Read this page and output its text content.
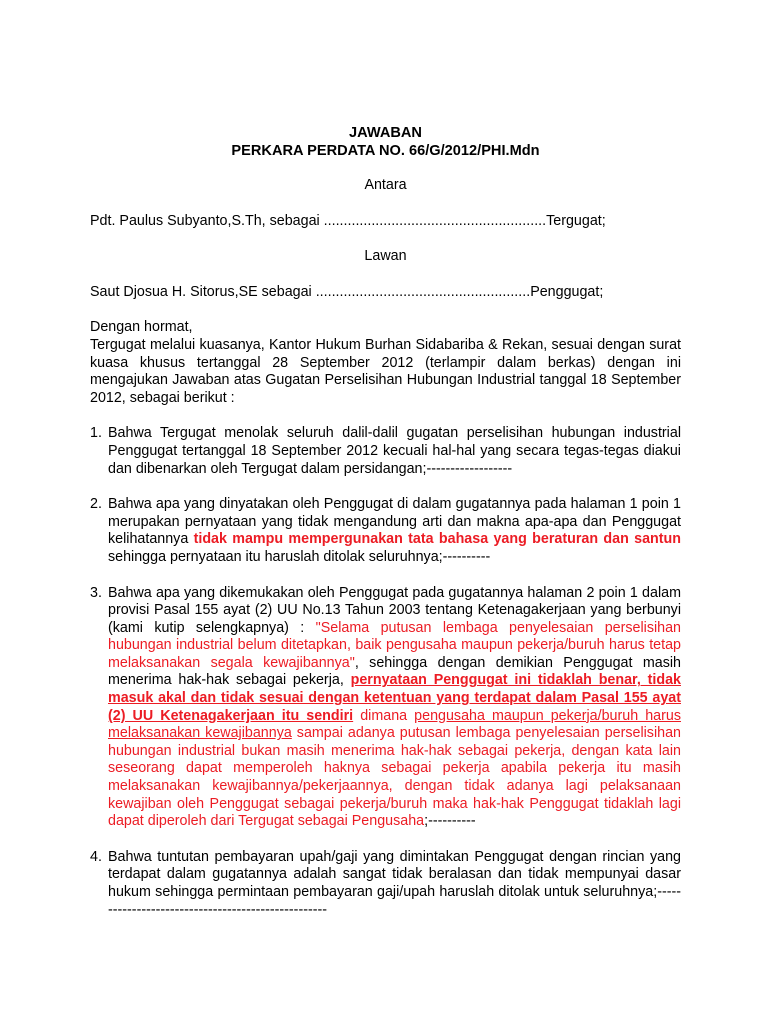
JAWABAN
PERKARA PERDATA NO. 66/G/2012/PHI.Mdn
Antara
Pdt. Paulus Subyanto,S.Th, sebagai ........................................................Tergugat;
Lawan
Saut Djosua H. Sitorus,SE sebagai ......................................................Penggugat;
Dengan hormat,
Tergugat melalui kuasanya, Kantor Hukum Burhan Sidabariba & Rekan, sesuai dengan surat kuasa khusus tertanggal 28 September 2012 (terlampir dalam berkas) dengan ini mengajukan Jawaban atas Gugatan Perselisihan Hubungan Industrial tanggal 18 September 2012, sebagai berikut :
1. Bahwa Tergugat menolak seluruh dalil-dalil gugatan perselisihan hubungan industrial Penggugat tertanggal 18 September 2012 kecuali hal-hal yang secara tegas-tegas diakui dan dibenarkan oleh Tergugat dalam persidangan;------------------
2. Bahwa apa yang dinyatakan oleh Penggugat di dalam gugatannya pada halaman 1 poin 1 merupakan pernyataan yang tidak mengandung arti dan makna apa-apa dan Penggugat kelihatannya tidak mampu mempergunakan tata bahasa yang beraturan dan santun sehingga pernyataan itu haruslah ditolak seluruhnya;----------
3. Bahwa apa yang dikemukakan oleh Penggugat pada gugatannya halaman 2 poin 1 dalam provisi Pasal 155 ayat (2) UU No.13 Tahun 2003 tentang Ketenagakerjaan yang berbunyi (kami kutip selengkapnya) : "Selama putusan lembaga penyelesaian perselisihan hubungan industrial belum ditetapkan, baik pengusaha maupun pekerja/buruh harus tetap melaksanakan segala kewajibannya", sehingga dengan demikian Penggugat masih menerima hak-hak sebagai pekerja, pernyataan Penggugat ini tidaklah benar, tidak masuk akal dan tidak sesuai dengan ketentuan yang terdapat dalam Pasal 155 ayat (2) UU Ketenagakerjaan itu sendiri dimana pengusaha maupun pekerja/buruh harus melaksanakan kewajibannya sampai adanya putusan lembaga penyelesaian perselisihan hubungan industrial bukan masih menerima hak-hak sebagai pekerja, dengan kata lain seseorang dapat memperoleh haknya sebagai pekerja apabila pekerja itu masih melaksanakan kewajibannya/pekerjaannya, dengan tidak adanya lagi pelaksanaan kewajiban oleh Penggugat sebagai pekerja/buruh maka hak-hak Penggugat tidaklah lagi dapat diperoleh dari Tergugat sebagai Pengusaha;----------
4. Bahwa tuntutan pembayaran upah/gaji yang dimintakan Penggugat dengan rincian yang terdapat dalam gugatannya adalah sangat tidak beralasan dan tidak mempunyai dasar hukum sehingga permintaan pembayaran gaji/upah haruslah ditolak untuk seluruhnya;---------------------------------------------------
